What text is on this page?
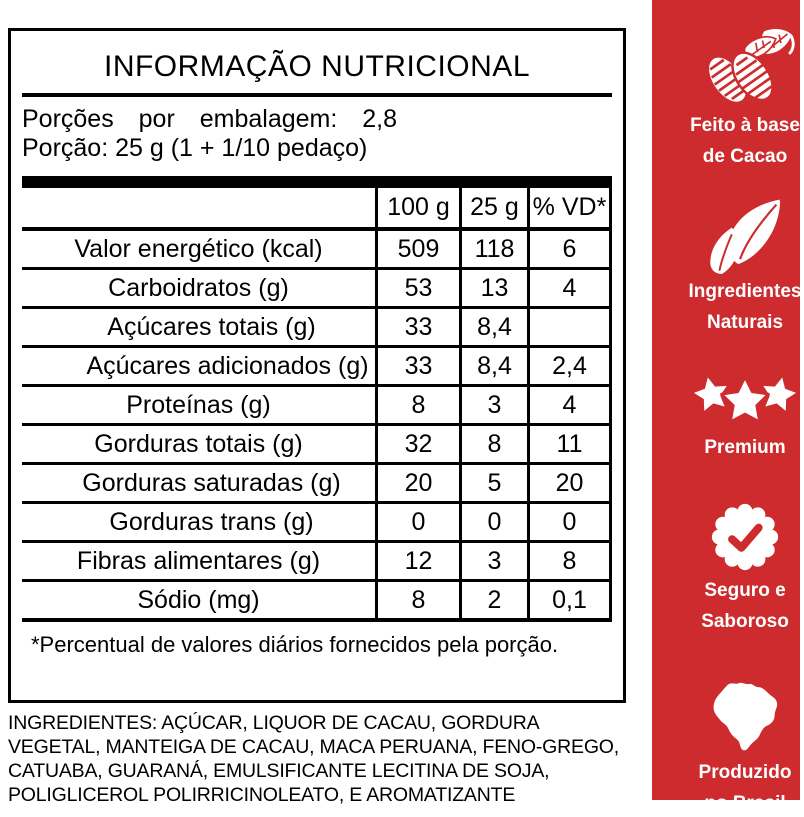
INFORMAÇÃO NUTRICIONAL
Porções por embalagem: 2,8
Porção: 25 g (1 + 1/10 pedaço)
	100 g	25 g	% VD*
Valor energético (kcal)	509	118	6
Carboidratos (g)	53	13	4
Açúcares totais (g)	33	8,4	
Açúcares adicionados (g)	33	8,4	2,4
Proteínas (g)	8	3	4
Gorduras totais (g)	32	8	11
Gorduras saturadas (g)	20	5	20
Gorduras trans (g)	0	0	0
Fibras alimentares (g)	12	3	8
Sódio (mg)	8	2	0,1
*Percentual de valores diários fornecidos pela porção.
INGREDIENTES: AÇÚCAR, LIQUOR DE CACAU, GORDURA VEGETAL, MANTEIGA DE CACAU, MACA PERUANA, FENO-GREGO, CATUABA, GUARANÁ, EMULSIFICANTE LECITINA DE SOJA, POLIGLICEROL POLIRRICINOLEATO, E AROMATIZANTE
Feito à base
de Cacao
Ingredientes
Naturais
Premium
Seguro e
Saboroso
Produzido
no Brasil
